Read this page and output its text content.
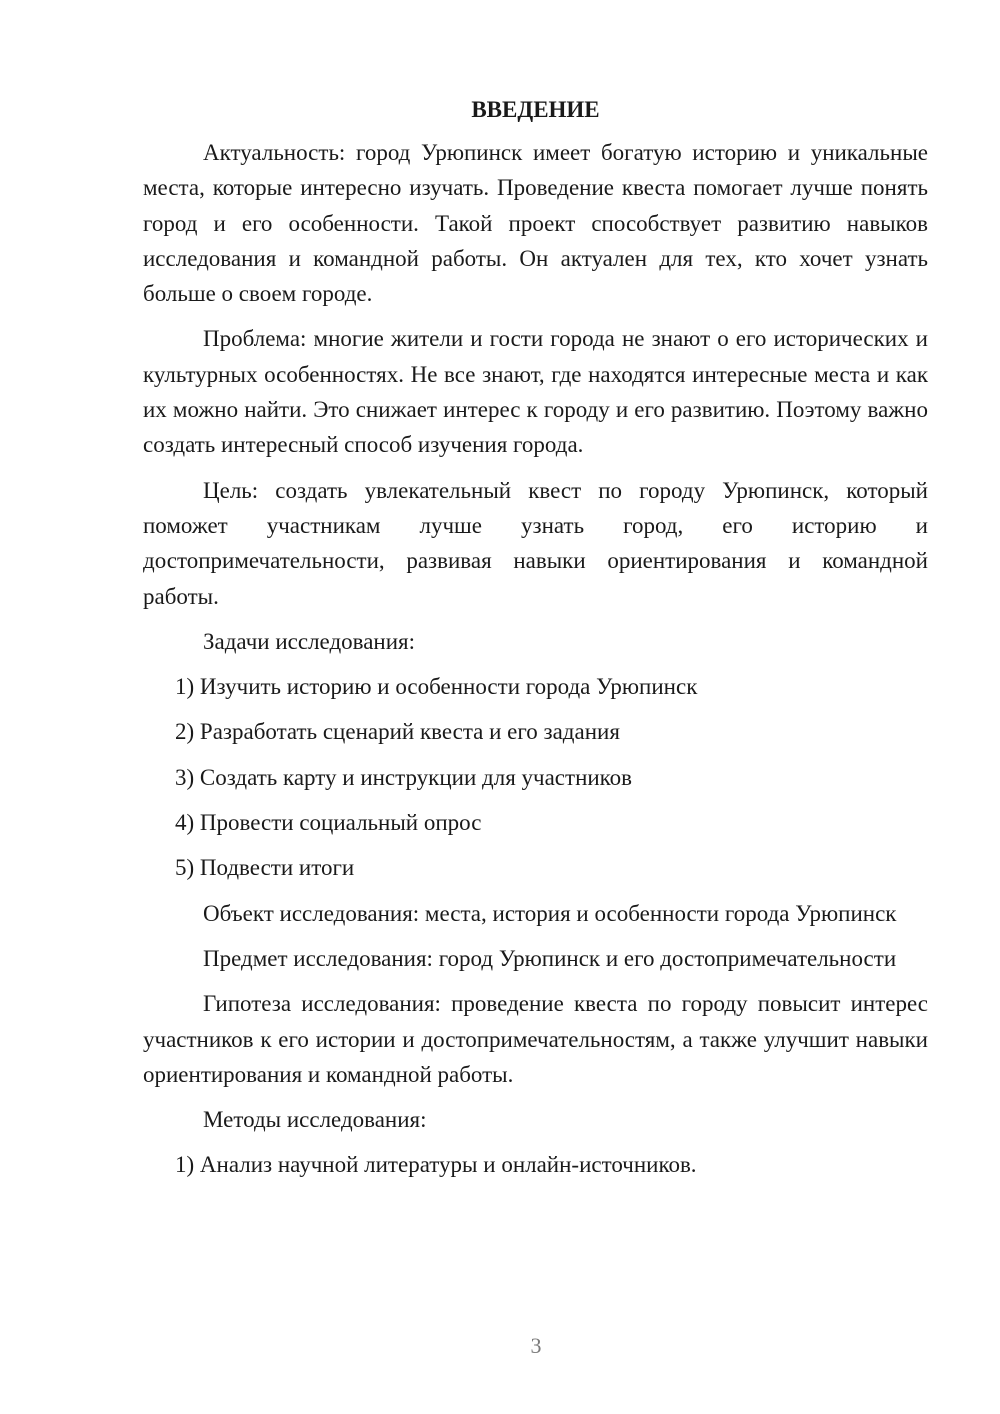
ВВЕДЕНИЕ

Актуальность: город Урюпинск имеет богатую историю и уникальные места, которые интересно изучать. Проведение квеста помогает лучше понять город и его особенности. Такой проект способствует развитию навыков исследования и командной работы. Он актуален для тех, кто хочет узнать больше о своем городе.

Проблема: многие жители и гости города не знают о его исторических и культурных особенностях. Не все знают, где находятся интересные места и как их можно найти. Это снижает интерес к городу и его развитию. Поэтому важно создать интересный способ изучения города.

Цель: создать увлекательный квест по городу Урюпинск, который поможет участникам лучше узнать город, его историю и достопримечательности, развивая навыки ориентирования и командной работы.

Задачи исследования:

1) Изучить историю и особенности города Урюпинск
2) Разработать сценарий квеста и его задания
3) Создать карту и инструкции для участников
4) Провести социальный опрос
5) Подвести итоги

Объект исследования: места, история и особенности города Урюпинск

Предмет исследования: город Урюпинск и его достопримечательности

Гипотеза исследования: проведение квеста по городу повысит интерес участников к его истории и достопримечательностям, а также улучшит навыки ориентирования и командной работы.

Методы исследования:

1) Анализ научной литературы и онлайн-источников.
3
